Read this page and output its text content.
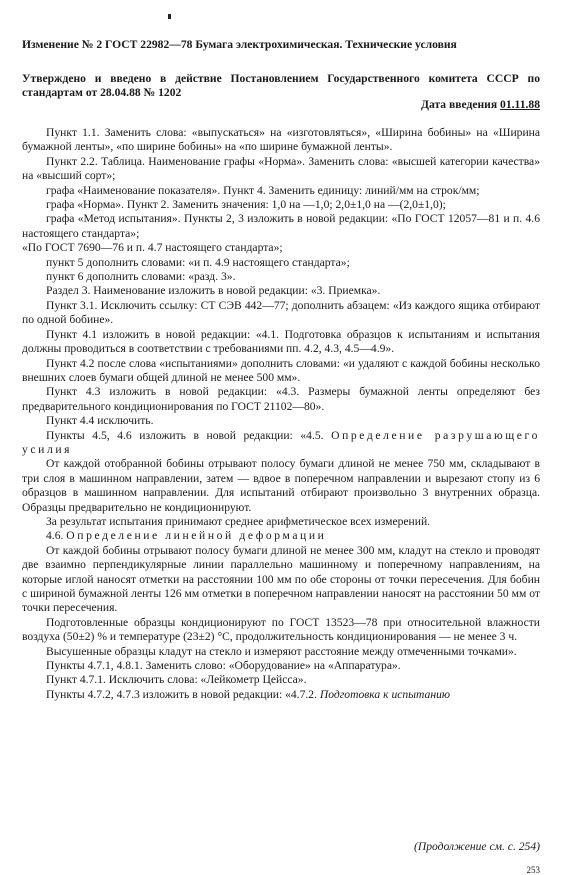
Изменение № 2 ГОСТ 22982—78 Бумага электрохимическая. Технические условия

Утверждено и введено в действие Постановлением Государственного комитета СССР по стандартам от 28.04.88 № 1202

Дата введения 01.11.88

Пункт 1.1. Заменить слова: «выпускаться» на «изготовляться», «Ширина бобины» на «Ширина бумажной ленты», «по ширине бобины» на «по ширине бумажной ленты».

Пункт 2.2. Таблица. Наименование графы «Норма». Заменить слова: «высшей категории качества» на «высший сорт»;

графа «Наименование показателя». Пункт 4. Заменить единицу: линий/мм на строк/мм;

графа «Норма». Пункт 2. Заменить значения: 1,0 на —1,0; 2,0±1,0 на —(2,0±1,0);

графа «Метод испытания». Пункты 2, 3 изложить в новой редакции: «По ГОСТ 12057—81 и п. 4.6 настоящего стандарта»;

«По ГОСТ 7690—76 и п. 4.7 настоящего стандарта»;

пункт 5 дополнить словами: «и п. 4.9 настоящего стандарта»;

пункт 6 дополнить словами: «разд. 3».

Раздел 3. Наименование изложить в новой редакции: «3. Приемка».

Пункт 3.1. Исключить ссылку: СТ СЭВ 442—77; дополнить абзацем: «Из каждого ящика отбирают по одной бобине».

Пункт 4.1 изложить в новой редакции: «4.1. Подготовка образцов к испытаниям и испытания должны проводиться в соответствии с требованиями пп. 4.2, 4.3, 4.5—4.9».

Пункт 4.2 после слова «испытаниями» дополнить словами: «и удаляют с каждой бобины несколько внешних слоев бумаги общей длиной не менее 500 мм».

Пункт 4.3 изложить в новой редакции: «4.3. Размеры бумажной ленты определяют без предварительного кондиционирования по ГОСТ 21102—80».

Пункт 4.4 исключить.

Пункты 4.5, 4.6 изложить в новой редакции: «4.5. Определение разрушающего усилия

От каждой отобранной бобины отрывают полосу бумаги длиной не менее 750 мм, складывают в три слоя в машинном направлении, затем — вдвое в поперечном направлении и вырезают стопу из 6 образцов в машинном направлении. Для испытаний отбирают произвольно 3 внутренних образца. Образцы предварительно не кондиционируют.

За результат испытания принимают среднее арифметическое всех измерений.

4.6. Определение линейной деформации

От каждой бобины отрывают полосу бумаги длиной не менее 300 мм, кладут на стекло и проводят две взаимно перпендикулярные линии параллельно машинному и поперечному направлениям, на которые иглой наносят отметки на расстоянии 100 мм по обе стороны от точки пересечения. Для бобин с шириной бумажной ленты 126 мм отметки в поперечном направлении наносят на расстоянии 50 мм от точки пересечения.

Подготовленные образцы кондиционируют по ГОСТ 13523—78 при относительной влажности воздуха (50±2) % и температуре (23±2) °С, продолжительность кондиционирования — не менее 3 ч.

Высушенные образцы кладут на стекло и измеряют расстояние между отмеченными точками».

Пункты 4.7.1, 4.8.1. Заменить слово: «Оборудование» на «Аппаратура».

Пункт 4.7.1. Исключить слова: «Лейкометр Цейсса».

Пункты 4.7.2, 4.7.3 изложить в новой редакции: «4.7.2. Подготовка к испытанию

(Продолжение см. с. 254)
253
